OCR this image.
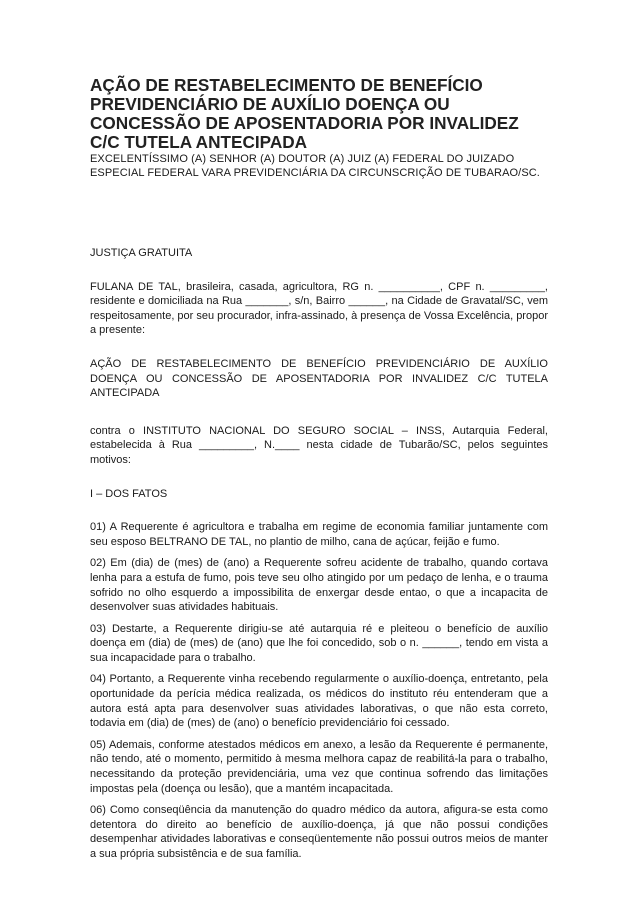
AÇÃO DE RESTABELECIMENTO DE BENEFÍCIO PREVIDENCIÁRIO DE AUXÍLIO DOENÇA OU CONCESSÃO DE APOSENTADORIA POR INVALIDEZ C/C TUTELA ANTECIPADA

EXCELENTÍSSIMO (A) SENHOR (A) DOUTOR (A) JUIZ (A) FEDERAL DO JUIZADO ESPECIAL FEDERAL VARA PREVIDENCIÁRIA DA CIRCUNSCRIÇÃO DE TUBARAO/SC.

JUSTIÇA GRATUITA

FULANA DE TAL, brasileira, casada, agricultora, RG n. __________, CPF n. _________, residente e domiciliada na Rua _______, s/n, Bairro ______, na Cidade de Gravatal/SC, vem respeitosamente, por seu procurador, infra-assinado, à presença de Vossa Excelência, propor a presente:

AÇÃO DE RESTABELECIMENTO DE BENEFÍCIO PREVIDENCIÁRIO DE AUXÍLIO DOENÇA OU CONCESSÃO DE APOSENTADORIA POR INVALIDEZ C/C TUTELA ANTECIPADA

contra o INSTITUTO NACIONAL DO SEGURO SOCIAL – INSS, Autarquia Federal, estabelecida à Rua _________, N.____ nesta cidade de Tubarão/SC, pelos seguintes motivos:

I – DOS FATOS

01) A Requerente é agricultora e trabalha em regime de economia familiar juntamente com seu esposo BELTRANO DE TAL, no plantio de milho, cana de açúcar, feijão e fumo.

02) Em (dia) de (mes) de (ano) a Requerente sofreu acidente de trabalho, quando cortava lenha para a estufa de fumo, pois teve seu olho atingido por um pedaço de lenha, e o trauma sofrido no olho esquerdo a impossibilita de enxergar desde entao, o que a incapacita de desenvolver suas atividades habituais.

03) Destarte, a Requerente dirigiu-se até autarquia ré e pleiteou o benefício de auxílio doença em (dia) de (mes) de (ano) que lhe foi concedido, sob o n. ______, tendo em vista a sua incapacidade para o trabalho.

04) Portanto, a Requerente vinha recebendo regularmente o auxílio-doença, entretanto, pela oportunidade da perícia médica realizada, os médicos do instituto réu entenderam que a autora está apta para desenvolver suas atividades laborativas, o que não esta correto, todavia em (dia) de (mes) de (ano) o benefício previdenciário foi cessado.

05) Ademais, conforme atestados médicos em anexo, a lesão da Requerente é permanente, não tendo, até o momento, permitido à mesma melhora capaz de reabilitá-la para o trabalho, necessitando da proteção previdenciária, uma vez que continua sofrendo das limitações impostas pela (doença ou lesão), que a mantém incapacitada.

06) Como conseqüência da manutenção do quadro médico da autora, afigura-se esta como detentora do direito ao benefício de auxílio-doença, já que não possui condições desempenhar atividades laborativas e conseqüentemente não possui outros meios de manter a sua própria subsistência e de sua família.
